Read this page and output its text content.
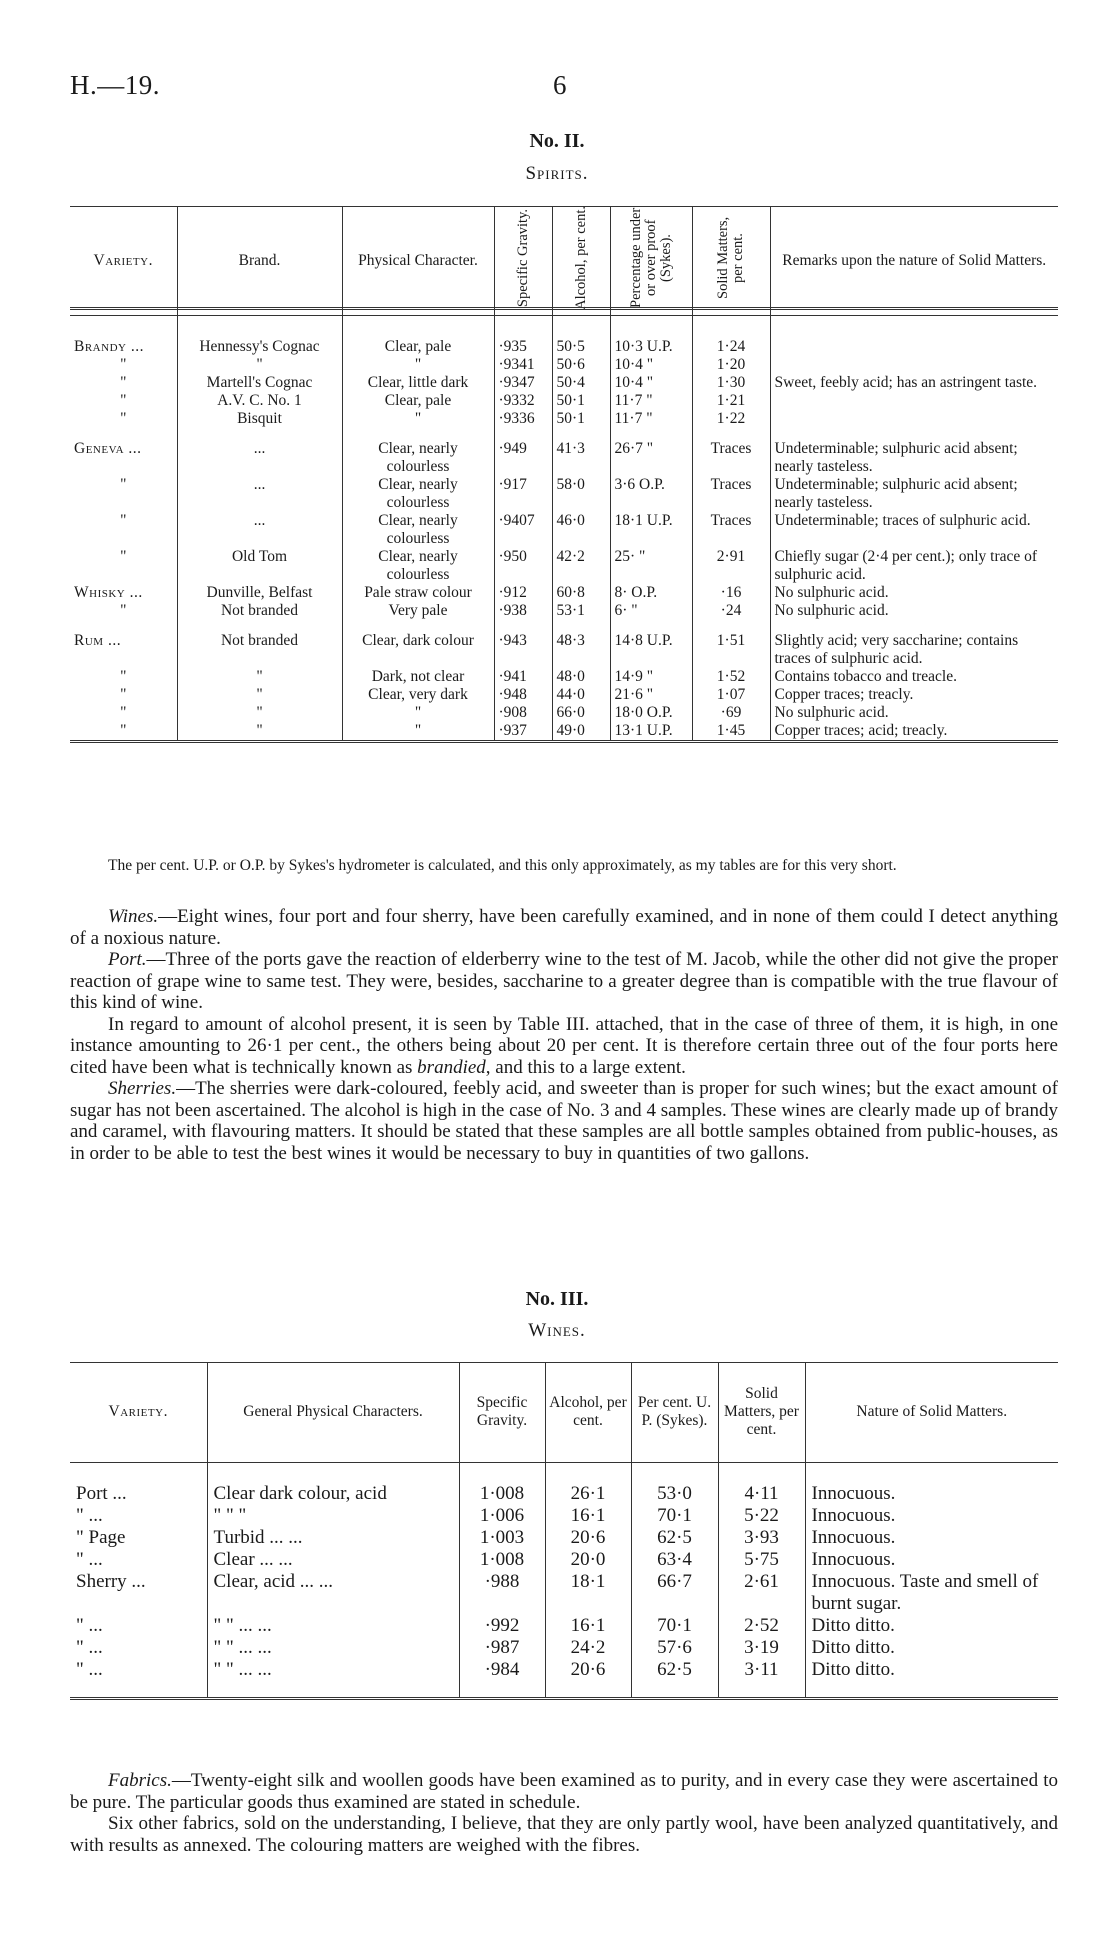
H.—19.	6
No. II.
Spirits.
Variety.	Brand.	Physical Character.	Specific Gravity.	Alcohol, per cent.	Percentage under or over proof (Sykes).	Solid Matters, per cent.	Remarks upon the nature of Solid Matters.

Brandy ...	Hennessy's Cognac	Clear, pale	·935	50·5	10·3 U.P.	1·24	
"	"	"	·9341	50·6	10·4 "	1·20	
"	Martell's Cognac	Clear, little dark	·9347	50·4	10·4 "	1·30	Sweet, feebly acid; has an astringent taste.
"	A.V. C. No. 1	Clear, pale	·9332	50·1	11·7 "	1·21	
"	Bisquit	"	·9336	50·1	11·7 "	1·22	

Geneva ...	...	Clear, nearly colourless	·949	41·3	26·7 "	Traces	Undeterminable; sulphuric acid absent; nearly tasteless.
"	...	Clear, nearly colourless	·917	58·0	3·6 O.P.	Traces	Undeterminable; sulphuric acid absent; nearly tasteless.
"	...	Clear, nearly colourless	·9407	46·0	18·1 U.P.	Traces	Undeterminable; traces of sulphuric acid.
"	Old Tom	Clear, nearly colourless	·950	42·2	25· "	2·91	Chiefly sugar (2·4 per cent.); only trace of sulphuric acid.
Whisky ...	Dunville, Belfast	Pale straw colour	·912	60·8	8· O.P.	·16	No sulphuric acid.
"	Not branded	Very pale	·938	53·1	6· "	·24	No sulphuric acid.

Rum ...	Not branded	Clear, dark colour	·943	48·3	14·8 U.P.	1·51	Slightly acid; very saccharine; contains traces of sulphuric acid.
"	"	Dark, not clear	·941	48·0	14·9 "	1·52	Contains tobacco and treacle.
"	"	Clear, very dark	·948	44·0	21·6 "	1·07	Copper traces; treacly.
"	"	"	·908	66·0	18·0 O.P.	·69	No sulphuric acid.
"	"	"	·937	49·0	13·1 U.P.	1·45	Copper traces; acid; treacly.
The per cent. U.P. or O.P. by Sykes's hydrometer is calculated, and this only approximately, as my tables are for this very short.

Wines.—Eight wines, four port and four sherry, have been carefully examined, and in none of them could I detect anything of a noxious nature.

Port.—Three of the ports gave the reaction of elderberry wine to the test of M. Jacob, while the other did not give the proper reaction of grape wine to same test. They were, besides, saccharine to a greater degree than is compatible with the true flavour of this kind of wine.

In regard to amount of alcohol present, it is seen by Table III. attached, that in the case of three of them, it is high, in one instance amounting to 26·1 per cent., the others being about 20 per cent. It is therefore certain three out of the four ports here cited have been what is technically known as brandied, and this to a large extent.

Sherries.—The sherries were dark-coloured, feebly acid, and sweeter than is proper for such wines; but the exact amount of sugar has not been ascertained. The alcohol is high in the case of No. 3 and 4 samples. These wines are clearly made up of brandy and caramel, with flavouring matters. It should be stated that these samples are all bottle samples obtained from public-houses, as in order to be able to test the best wines it would be necessary to buy in quantities of two gallons.

No. III.
Wines.
Variety.	General Physical Characters.	Specific Gravity.	Alcohol, per cent.	Per cent. U. P. (Sykes).	Solid Matters, per cent.	Nature of Solid Matters.

Port ...	Clear dark colour, acid	1·008	26·1	53·0	4·11	Innocuous.
" ...	" " "	1·006	16·1	70·1	5·22	Innocuous.
" Page	Turbid ... ...	1·003	20·6	62·5	3·93	Innocuous.
" ...	Clear ... ...	1·008	20·0	63·4	5·75	Innocuous.
Sherry ...	Clear, acid ... ...	·988	18·1	66·7	2·61	Innocuous. Taste and smell of burnt sugar.
" ...	" " ... ...	·992	16·1	70·1	2·52	Ditto ditto.
" ...	" " ... ...	·987	24·2	57·6	3·19	Ditto ditto.
" ...	" " ... ...	·984	20·6	62·5	3·11	Ditto ditto.

Fabrics.—Twenty-eight silk and woollen goods have been examined as to purity, and in every case they were ascertained to be pure. The particular goods thus examined are stated in schedule.

Six other fabrics, sold on the understanding, I believe, that they are only partly wool, have been analyzed quantitatively, and with results as annexed. The colouring matters are weighed with the fibres.
